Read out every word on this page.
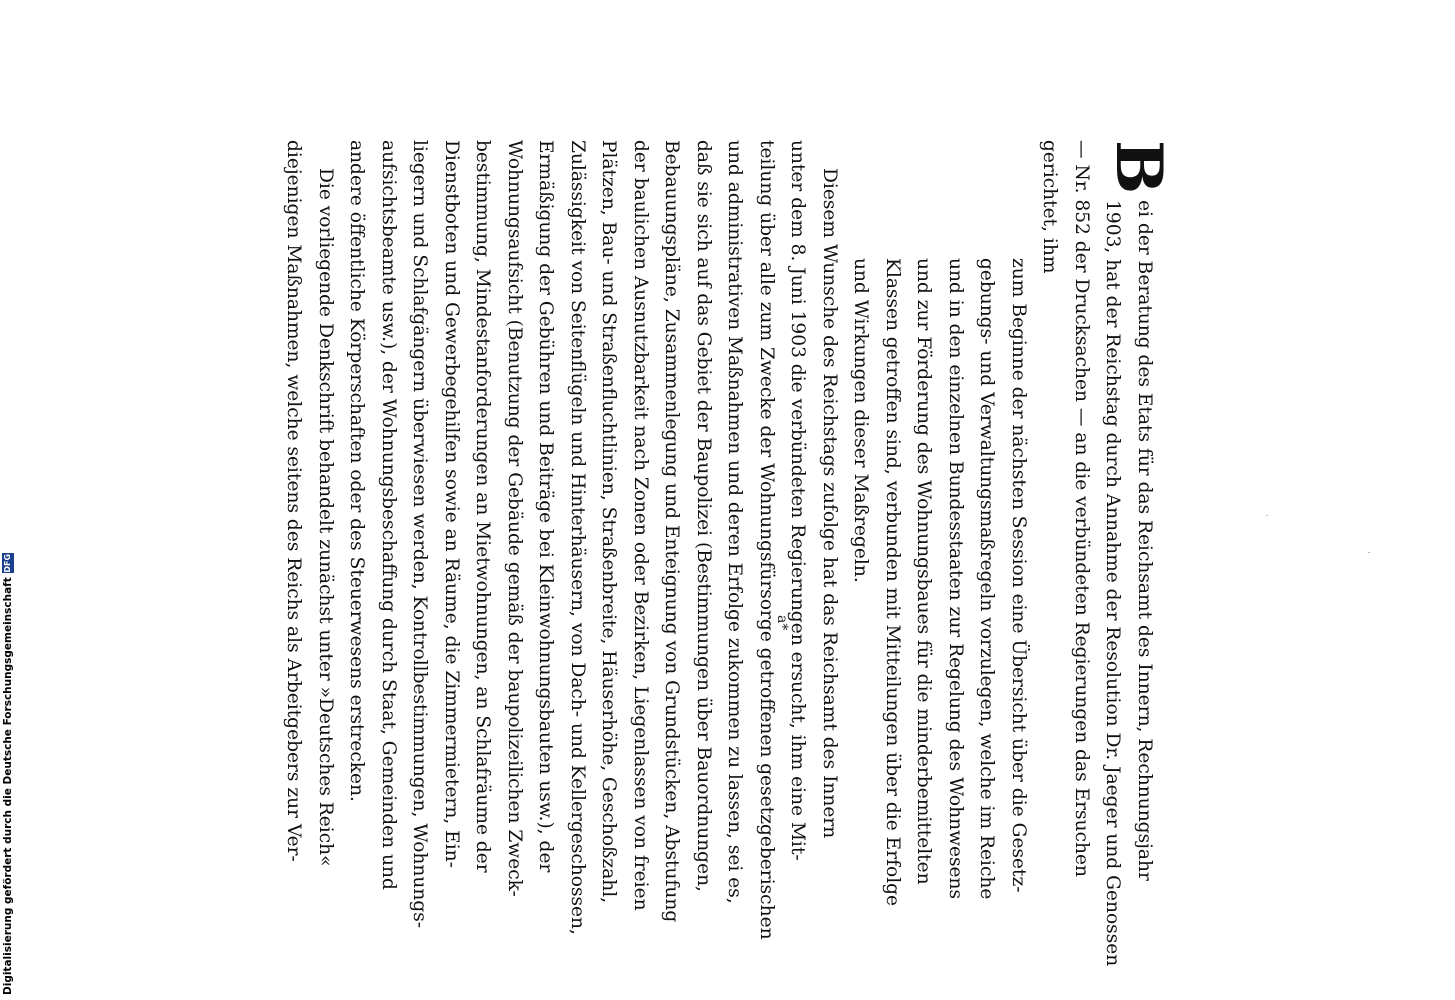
B
ei der Beratung des Etats für das Reichsamt des Innern, Rechnungsjahr
1903, hat der Reichstag durch Annahme der Resolution Dr. Jaeger und Genossen
— Nr. 852 der Drucksachen — an die verbündeten Regierungen das Ersuchen
gerichtet, ihm
zum Beginne der nächsten Session eine Übersicht über die Gesetz-
gebungs- und Verwaltungsmaßregeln vorzulegen, welche im Reiche
und in den einzelnen Bundesstaaten zur Regelung des Wohnwesens
und zur Förderung des Wohnungsbaues für die minderbemittelten
Klassen getroffen sind, verbunden mit Mitteilungen über die Erfolge
und Wirkungen dieser Maßregeln.
Diesem Wunsche des Reichstags zufolge hat das Reichsamt des Innern
unter dem 8. Juni 1903 die verbündeten Regierungen ersucht, ihm eine Mit-
teilung über alle zum Zwecke der Wohnungsfürsorge getroffenen gesetzgeberischen
und administrativen Maßnahmen und deren Erfolge zukommen zu lassen, sei es,
daß sie sich auf das Gebiet der Baupolizei (Bestimmungen über Bauordnungen,
Bebauungspläne, Zusammenlegung und Enteignung von Grundstücken, Abstufung
der baulichen Ausnutzbarkeit nach Zonen oder Bezirken, Liegenlassen von freien
Plätzen, Bau- und Straßenfluchtlinien, Straßenbreite, Häuserhöhe, Geschoßzahl,
Zulässigkeit von Seitenflügeln und Hinterhäusern, von Dach- und Kellergeschossen,
Ermäßigung der Gebühren und Beiträge bei Kleinwohnungsbauten usw.), der
Wohnungsaufsicht (Benutzung der Gebäude gemäß der baupolizeilichen Zweck-
bestimmung, Mindestanforderungen an Mietwohnungen, an Schlafräume der
Dienstboten und Gewerbegehilfen sowie an Räume, die Zimmermietern, Ein-
liegern und Schlafgängern überwiesen werden, Kontrollbestimmungen, Wohnungs-
aufsichtsbeamte usw.), der Wohnungsbeschaffung durch Staat, Gemeinden und
andere öffentliche Körperschaften oder des Steuerwesens erstrecken.
Die vorliegende Denkschrift behandelt zunächst unter »Deutsches Reich«
diejenigen Maßnahmen, welche seitens des Reichs als Arbeitgebers zur Ver-	a*
Digitalisierung gefördert durch die Deutsche Forschungsgemeinschaft
DFG
